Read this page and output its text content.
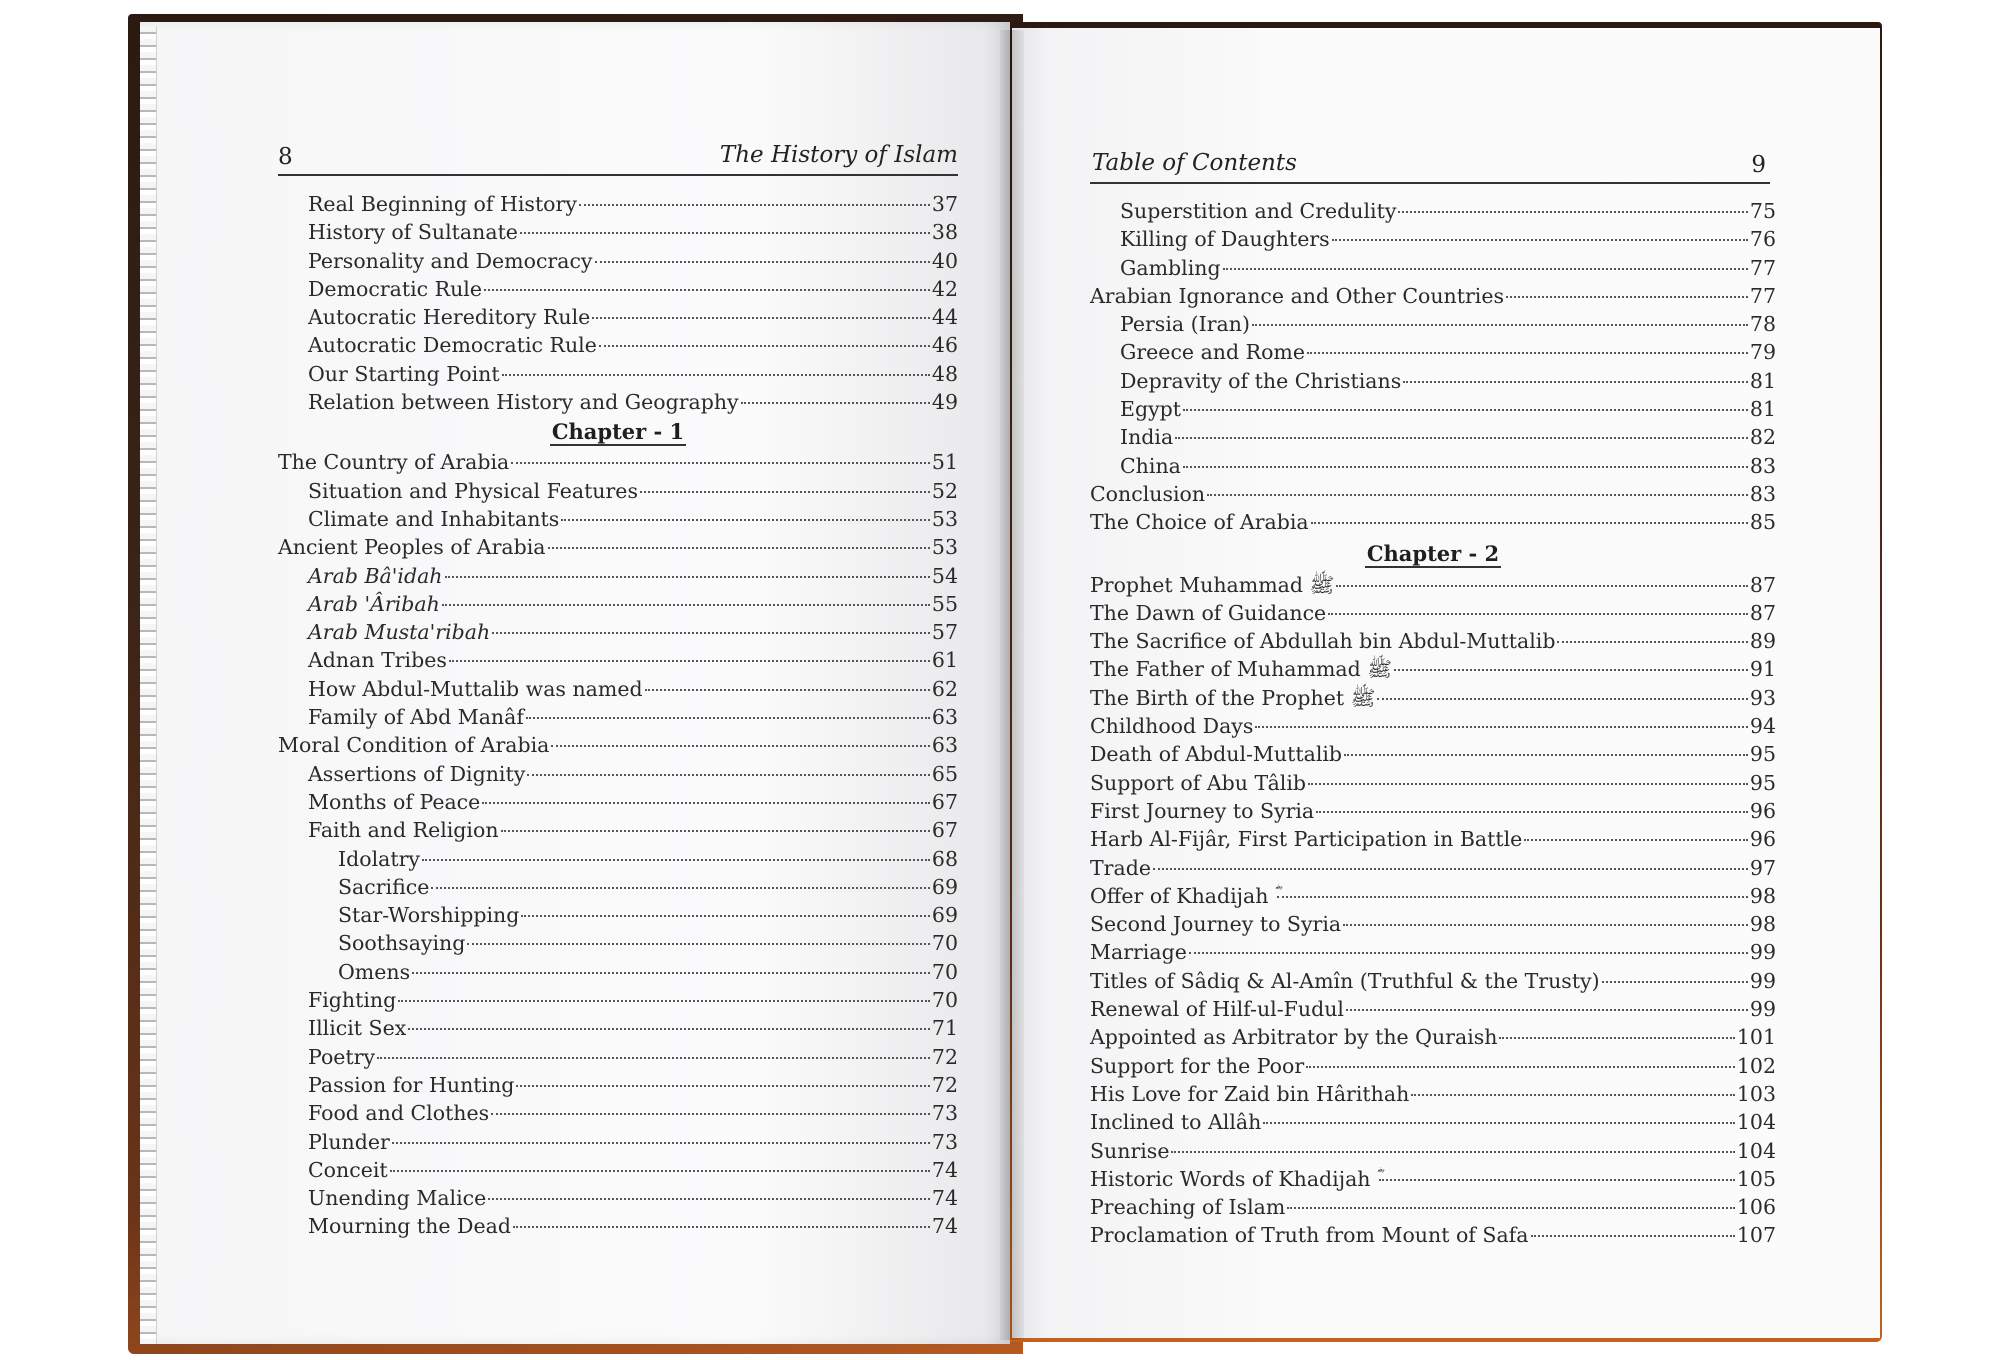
8	The History of Islam	Table of Contents	9
Real Beginning of History	37
History of Sultanate	38
Personality and Democracy	40
Democratic Rule	42
Autocratic Hereditory Rule	44
Autocratic Democratic Rule	46
Our Starting Point	48
Relation between History and Geography	49
Chapter - 1
The Country of Arabia	51
Situation and Physical Features	52
Climate and Inhabitants	53
Ancient Peoples of Arabia	53
Arab Bâ'idah	54
Arab 'Âribah	55
Arab Musta'ribah	57
Adnan Tribes	61
How Abdul-Muttalib was named	62
Family of Abd Manâf	63
Moral Condition of Arabia	63
Assertions of Dignity	65
Months of Peace	67
Faith and Religion	67
Idolatry	68
Sacrifice	69
Star-Worshipping	69
Soothsaying	70
Omens	70
Fighting	70
Illicit Sex	71
Poetry	72
Passion for Hunting	72
Food and Clothes	73
Plunder	73
Conceit	74
Unending Malice	74
Mourning the Dead	74
Superstition and Credulity	75
Killing of Daughters	76
Gambling	77
Arabian Ignorance and Other Countries	77
Persia (Iran)	78
Greece and Rome	79
Depravity of the Christians	81
Egypt	81
India	82
China	83
Conclusion	83
The Choice of Arabia	85
Chapter - 2
Prophet Muhammad ﷺ	87
The Dawn of Guidance	87
The Sacrifice of Abdullah bin Abdul-Muttalib	89
The Father of Muhammad ﷺ	91
The Birth of the Prophet ﷺ	93
Childhood Days	94
Death of Abdul-Muttalib	95
Support of Abu Tâlib	95
First Journey to Syria	96
Harb Al-Fijâr, First Participation in Battle	96
Trade	97
Offer of Khadijah ؓ	98
Second Journey to Syria	98
Marriage	99
Titles of Sâdiq & Al-Amîn (Truthful & the Trusty)	99
Renewal of Hilf-ul-Fudul	99
Appointed as Arbitrator by the Quraish	101
Support for the Poor	102
His Love for Zaid bin Hârithah	103
Inclined to Allâh	104
Sunrise	104
Historic Words of Khadijah ؓ	105
Preaching of Islam	106
Proclamation of Truth from Mount of Safa	107
